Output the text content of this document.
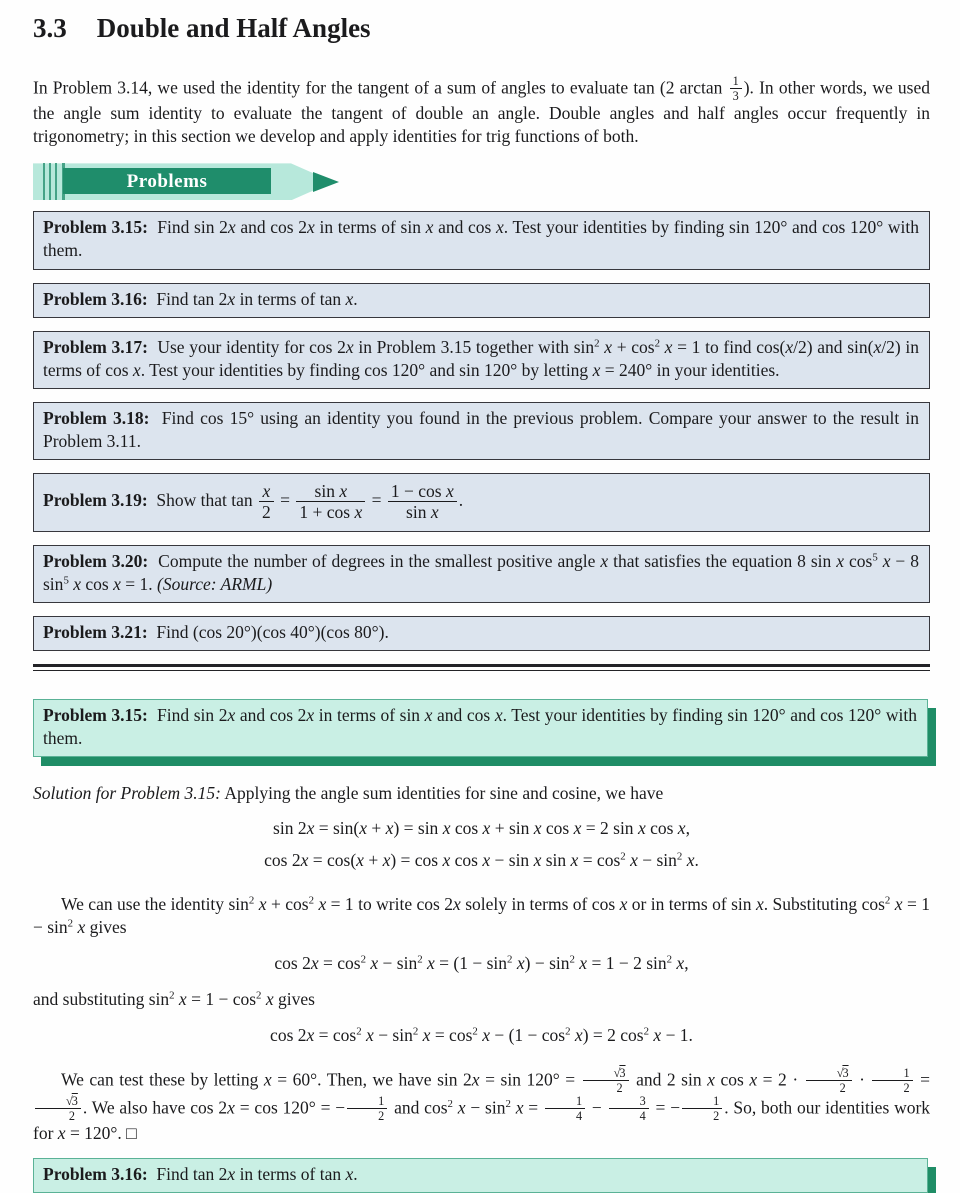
3.3 Double and Half Angles

In Problem 3.14, we used the identity for the tangent of a sum of angles to evaluate tan (2 $\arctan \frac{1}{3}$ ). In other words, we used the angle sum identity to evaluate the tangent of double an angle. Double angles and half angles occur frequently in trigonometry; in this section we develop and apply identities for trig functions of both.

Problems
Problem 3.15:  Find sin 2x and cos 2x in terms of sin x and cos x. Test your identities by finding sin 120° and cos 120° with them.
Problem 3.16:  Find tan 2x in terms of tan x.
Problem 3.17:  Use your identity for cos 2x in Problem 3.15 together with $\sin^2 x + \cos^2 x = 1$ to find cos(x/2) and sin(x/2) in terms of cos x. Test your identities by finding cos 120° and sin 120° by letting x = 240° in your identities.
Problem 3.18:  Find cos 15° using an identity you found in the previous problem. Compare your answer to the result in Problem 3.11.
Problem 3.19:  Show that $\tan \frac{x}{2} = \frac{\text{sin x}}{\text{1 + cos x}} = \frac{\text{1 − cos x}}{\text{sin x}}$ .
Problem 3.20:  Compute the number of degrees in the smallest positive angle x that satisfies the equation 8 sin x $\cos^5 x - 8$ $\sin^5 x$ cos x = 1. (Source: ARML)
Problem 3.21:  Find (cos 20°)(cos 40°)(cos 80°).
Problem 3.15:  Find sin 2x and cos 2x in terms of sin x and cos x. Test your identities by finding sin 120° and cos 120° with them.

Solution for Problem 3.15: Applying the angle sum identities for sine and cosine, we have

sin 2x = sin(x + x) = sin x cos x + sin x cos x = 2 sin x cos x,
cos 2x = cos(x + x) = cos x cos x − sin x $\sin x = \cos^2 x - \sin^2 x$.

We can use the identity $\sin^2 x + \cos^2 x = 1$ to write cos 2x solely in terms of cos x or in terms of sin x. Substituting $\cos^2 x = 1 - \sin^2 x$ gives

$\cos 2x = \cos^2 x - \sin^2 x = (1 - \sin^2 x) - \sin^2 x = 1 - 2$ $\sin^2 x$,

and substituting $\sin^2 x = 1 - \cos^2 x$ gives

$\cos 2x = \cos^2 x - \sin^2 x = \cos^2 x - (1 - \cos^2 x) = 2$ $\cos^2 x - 1$.

We can test these by letting x = 60°. Then, we have $\sin 2x = \sin 120^\circ = \frac{√3}{2}$ and 2 sin x $\cos x = 2 \cdot \frac{√3}{2} \cdot \frac{1}{2}$ =
$\frac{√3}{2}$ . We also have cos 2x = cos 120° = − $\frac{1}{2}$ and $\cos^2 x - \sin^2 x = \frac{1}{4} - \frac{3}{4}$ = − $\frac{1}{2}$ . So, both our identities work for x = 120°. □

Problem 3.16:  Find tan 2x in terms of tan x.
